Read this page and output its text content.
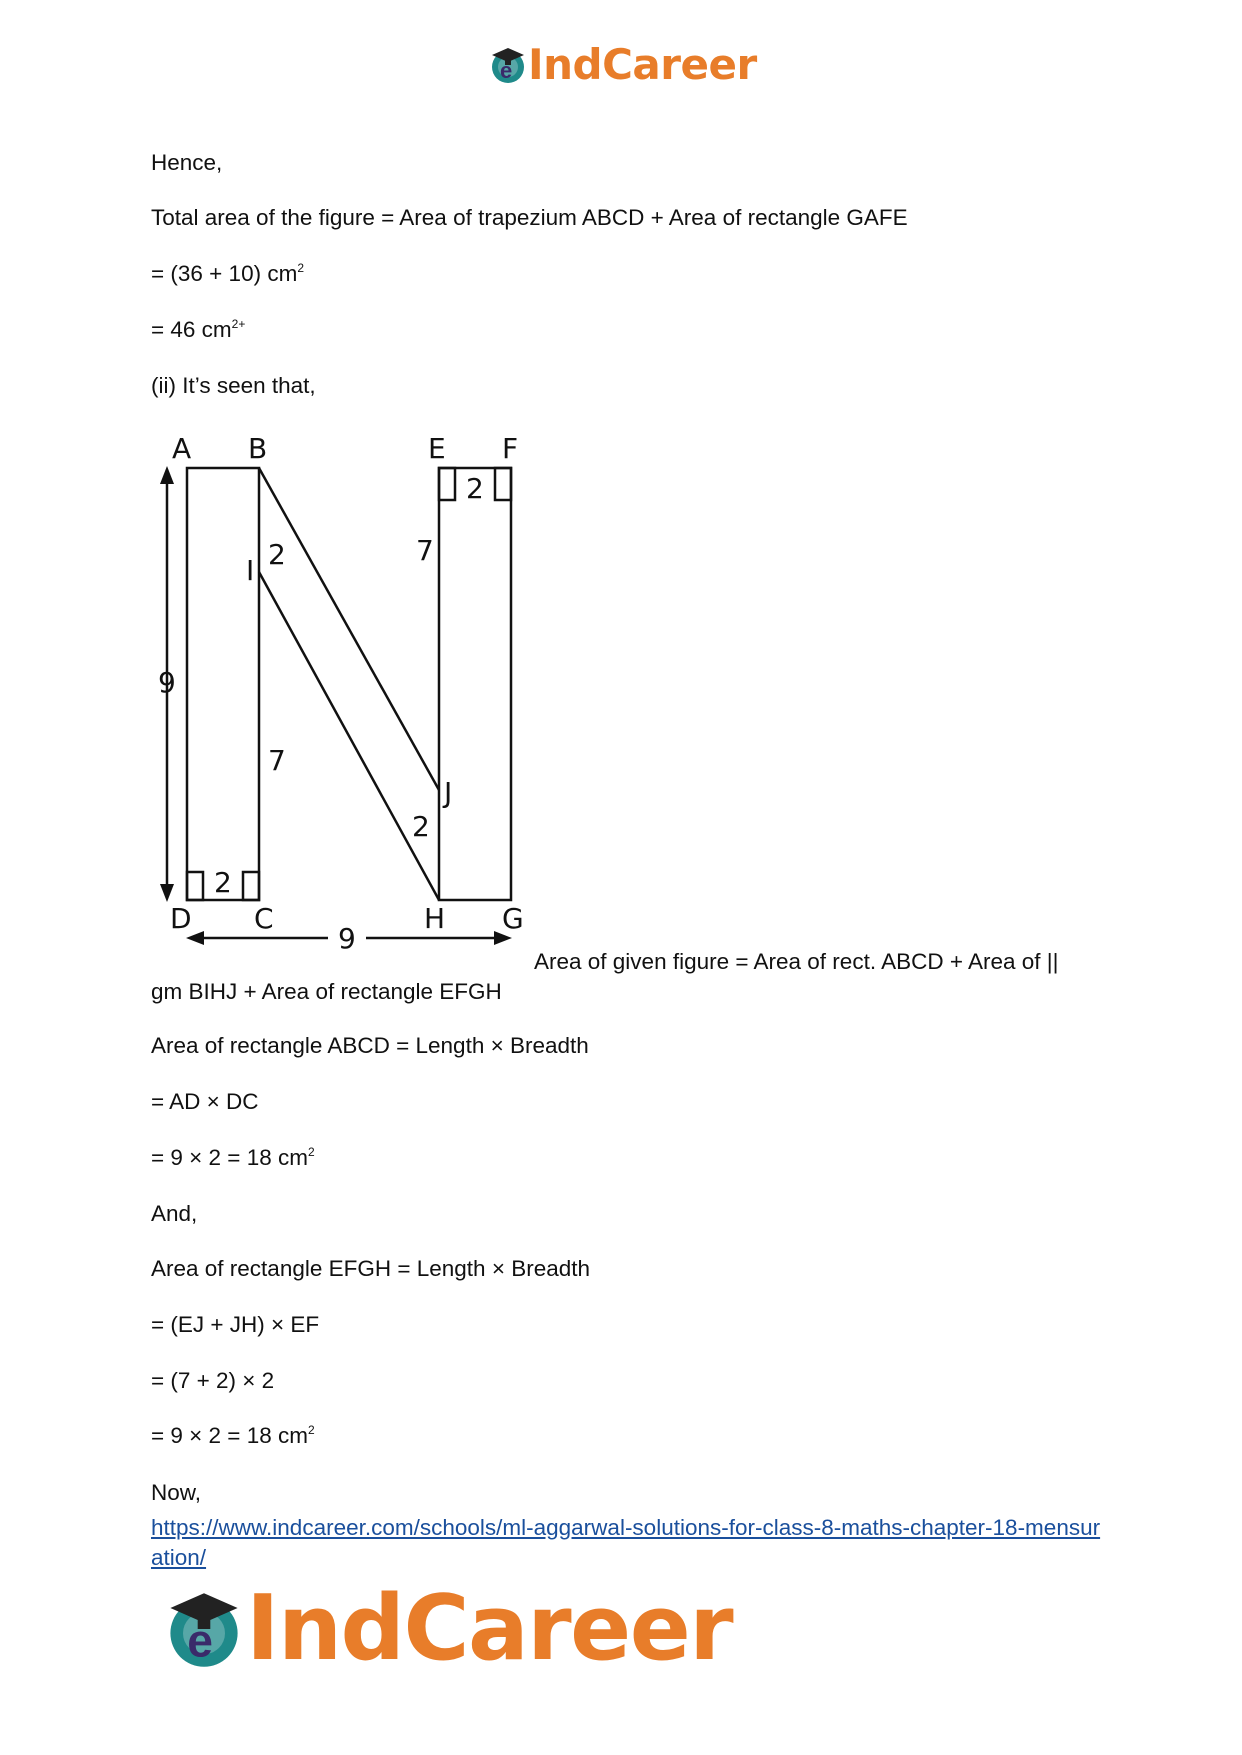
e IndCareer
Hence,
Total area of the figure = Area of trapezium ABCD + Area of rectangle GAFE
= (36 + 10) $cm^2$
= 46 $cm^{2+}$
(ii) It’s seen that,
A B	E F
I
J
D C	H G
9
2
7
2
7
2
2
9
Area of given figure = Area of rect. ABCD + Area of ||
gm BIHJ + Area of rectangle EFGH
Area of rectangle ABCD = Length × Breadth
= AD × DC
= 9 × 2 = 18 $cm^2$
And,
Area of rectangle EFGH = Length × Breadth
= (EJ + JH) × EF
= (7 + 2) × 2
= 9 × 2 = 18 $cm^2$
Now,
https://www.indcareer.com/schools/ml-aggarwal-solutions-for-class-8-maths-chapter-18-mensuration/
e IndCareer
